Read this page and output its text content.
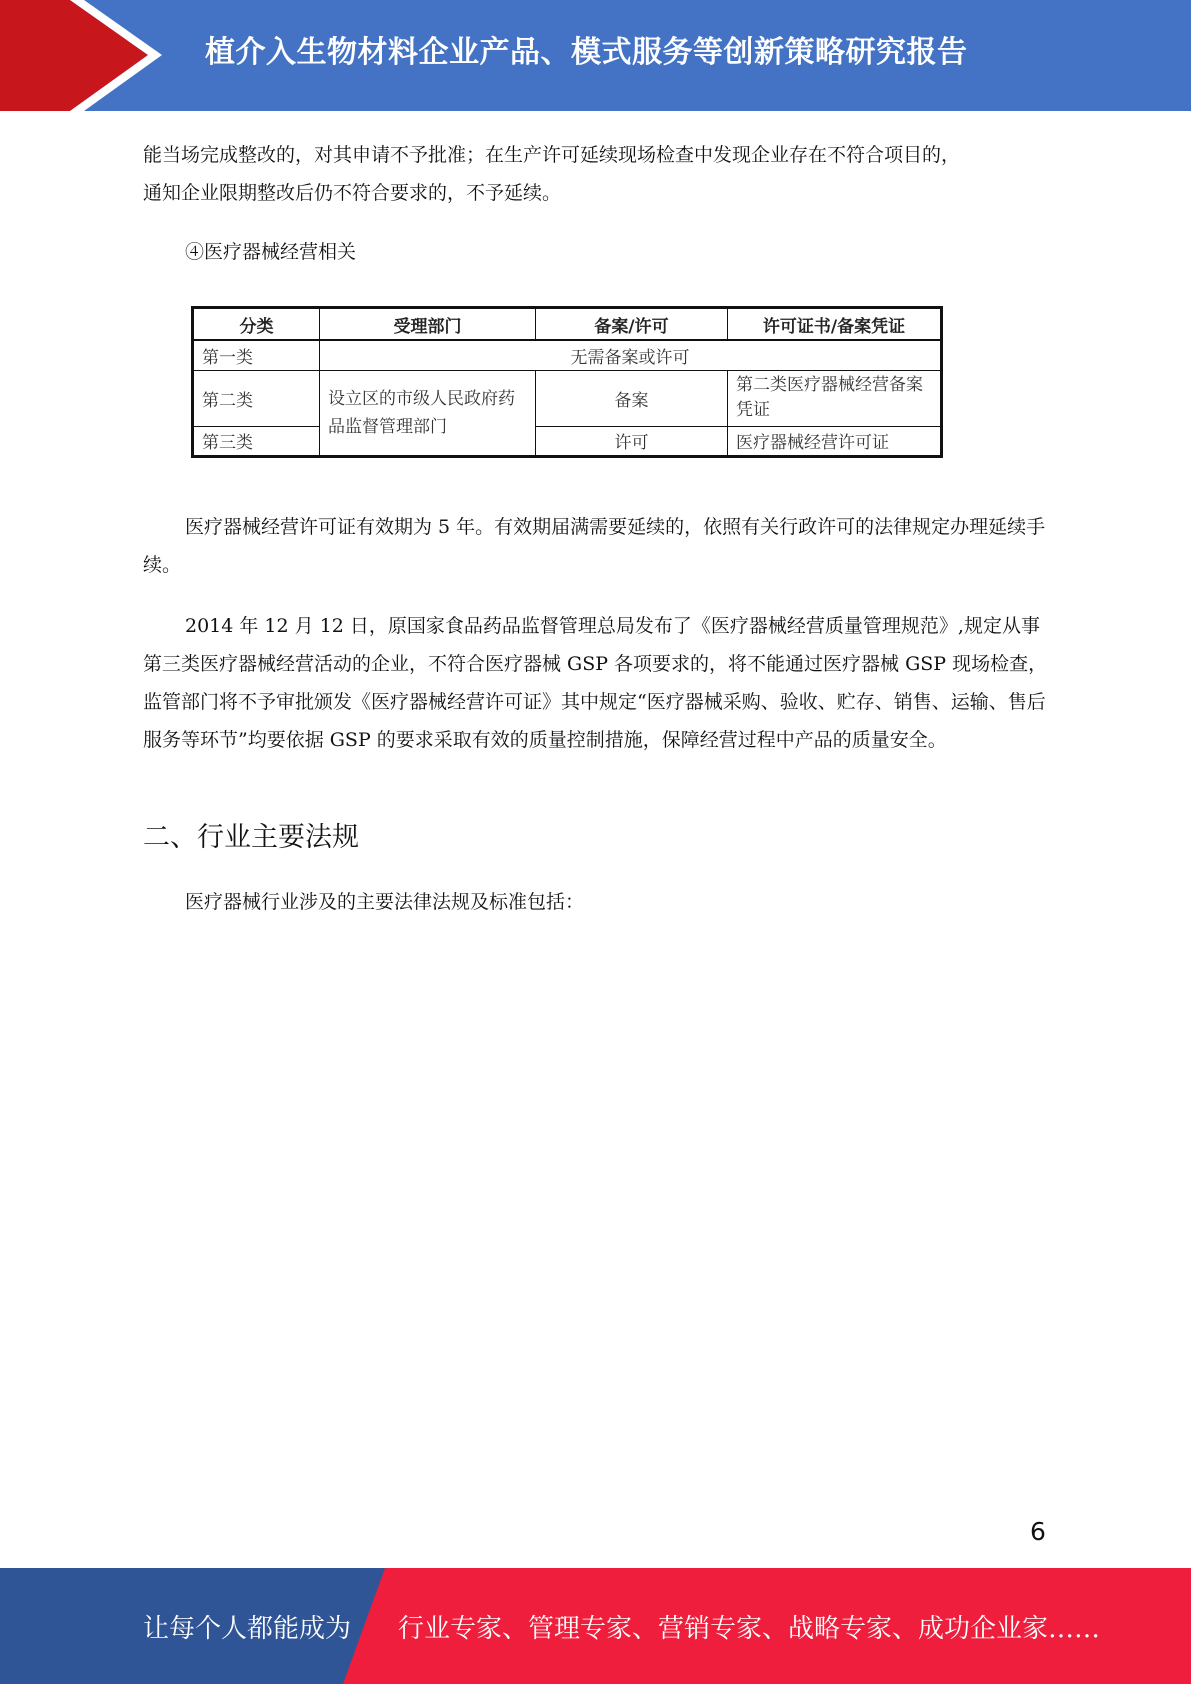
植介入生物材料企业产品、模式服务等创新策略研究报告

能当场完成整改的，对其申请不予批准；在生产许可延续现场检查中发现企业存在不符合项目的，
通知企业限期整改后仍不符合要求的，不予延续。

④医疗器械经营相关
分类	受理部门	备案/许可	许可证书/备案凭证
第一类	无需备案或许可		
第二类	设立区的市级人民政府药品监督管理部门	备案	第二类医疗器械经营备案凭证
第三类		许可	医疗器械经营许可证

医疗器械经营许可证有效期为 5 年。有效期届满需要延续的，依照有关行政许可的法律规定办理延续手续。

2014 年 12 月 12 日，原国家食品药品监督管理总局发布了《医疗器械经营质量管理规范》,规定从事第三类医疗器械经营活动的企业，不符合医疗器械 GSP 各项要求的，将不能通过医疗器械 GSP 现场检查，监管部门将不予审批颁发《医疗器械经营许可证》其中规定“医疗器械采购、验收、贮存、销售、运输、售后服务等环节”均要依据 GSP 的要求采取有效的质量控制措施，保障经营过程中产品的质量安全。

二、行业主要法规

医疗器械行业涉及的主要法律法规及标准包括：

6
让每个人都能成为 行业专家、管理专家、营销专家、战略专家、成功企业家……
